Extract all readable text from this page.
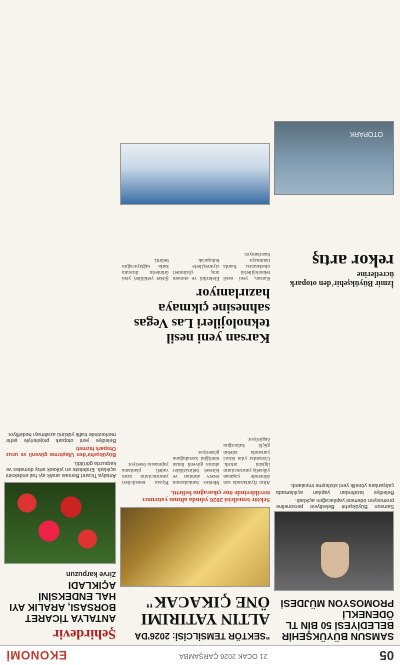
05
21 OCAK 2026 ÇARŞAMBA
EKONOMİ
SAMSUN BÜYÜKŞEHİR BELEDİYESİ 50 BİN TL ÖDENEKLİ PROMOSYON MÜJDESİ

Samsun Büyükşehir Belediyesi personeline promosyon ödemesi yapılacağını açıkladı.

Belediye tarafından yapılan açıklamada çalışanlara yönelik yeni sözleşme imzalandı.

İzmir Büyükşehir'den otopark ücretlerine
rekor artış
OTOPARK
"SEKTÖR TEMSİLCİSİ: 2026'DA
ALTIN YATIRIMI ÖNE ÇIKACAK"
Sektör temsilcisi 2026 yılında altının yatırımcı tercihlerinde öne çıkacağını belirtti.
Altın fiyatlarında son dönemde yaşanan yükseliş yatırımcıların ilgisini artırdı. Uzmanlar yılın ikinci yarısında talebin güçlü kalacağını öngörüyor.
Merkez bankalarının rezerv alımları ve küresel belirsizlikler altının güvenli liman niteliğini koruduğunu gösteriyor.
Piyasa temsilcileri yatırımcıların uzun vadeli planlama yapmasını öneriyor.
Karsan yeni nesil teknolojileri Las Vegas sahnesine çıkmaya hazırlanıyor
Karsan, yeni nesil teknolojilerini uluslararası fuarda tanıtmaya hazırlanıyor.
Elektrikli ve otonom araç çözümleri ziyaretçilerle buluşacak.
Şirket yetkilileri yeni ürünlerin ihracata katkı sağlayacağını belirtti.
Şehirdevir
ANTALYA TİCARET BORSASI, ARALIK AYI HAL ENDEKSİNİ AÇIKLADI
Zirve karpuzun

Antalya Ticaret Borsası aralık ayı hal endeksini açıkladı. Endekste en yüksek artış domates ve karpuzda görüldü.

Büyükşehir'den Ulaştırma güvenli ve ucuz Otopark hizmeti

Belediye yeni otopark projeleriyle şehir merkezinde trafik yükünü azaltmayı hedefliyor.
